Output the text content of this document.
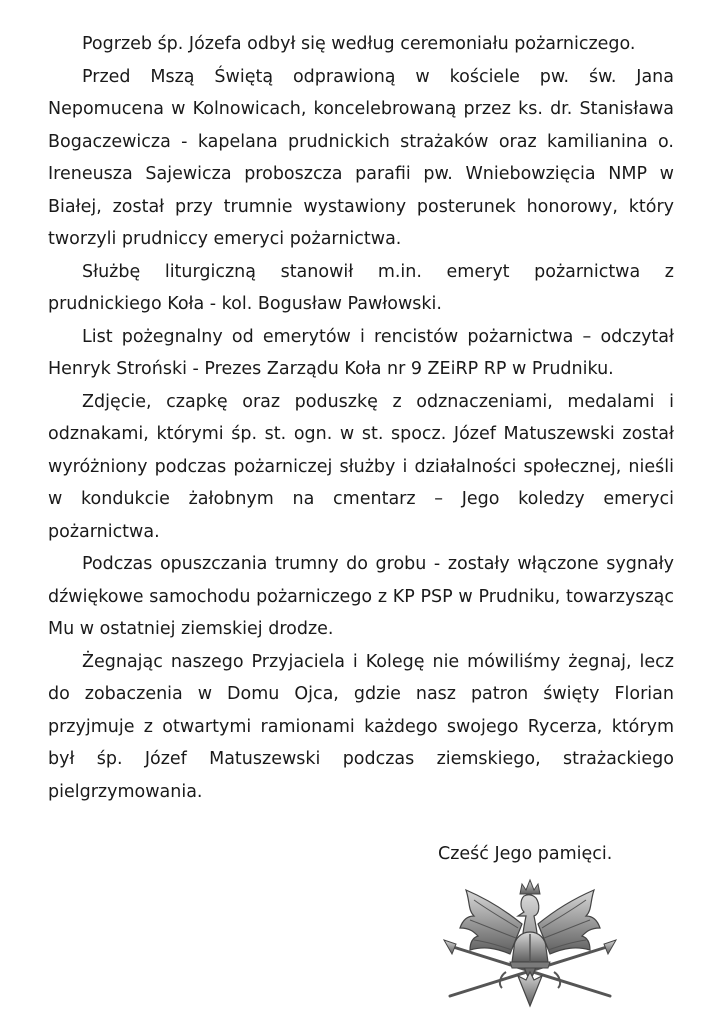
Pogrzeb śp. Józefa odbył się według ceremoniału pożarniczego.

Przed Mszą Świętą odprawioną w kościele pw. św. Jana Nepomucena w Kolnowicach, koncelebrowaną przez ks. dr. Stanisława Bogaczewicza - kapelana prudnickich strażaków oraz kamilianina o. Ireneusza Sajewicza proboszcza parafii pw. Wniebowzięcia NMP w Białej, został przy trumnie wystawiony posterunek honorowy, który tworzyli prudniccy emeryci pożarnictwa.

Służbę liturgiczną stanowił m.in. emeryt pożarnictwa z prudnickiego Koła - kol. Bogusław Pawłowski.

List pożegnalny od emerytów i rencistów pożarnictwa – odczytał Henryk Stroński - Prezes Zarządu Koła nr 9 ZEiRP RP w Prudniku.

Zdjęcie, czapkę oraz poduszkę z odznaczeniami, medalami i odznakami, którymi śp. st. ogn. w st. spocz. Józef Matuszewski został wyróżniony podczas pożarniczej służby i działalności społecznej, nieśli w kondukcie żałobnym na cmentarz – Jego koledzy emeryci pożarnictwa.

Podczas opuszczania trumny do grobu - zostały włączone sygnały dźwiękowe samochodu pożarniczego z KP PSP w Prudniku, towarzysząc Mu w ostatniej ziemskiej drodze.

Żegnając naszego Przyjaciela i Kolegę nie mówiliśmy żegnaj, lecz do zobaczenia w Domu Ojca, gdzie nasz patron święty Florian przyjmuje z otwartymi ramionami każdego swojego Rycerza, którym był śp. Józef Matuszewski podczas ziemskiego, strażackiego pielgrzymowania.

Cześć Jego pamięci.
